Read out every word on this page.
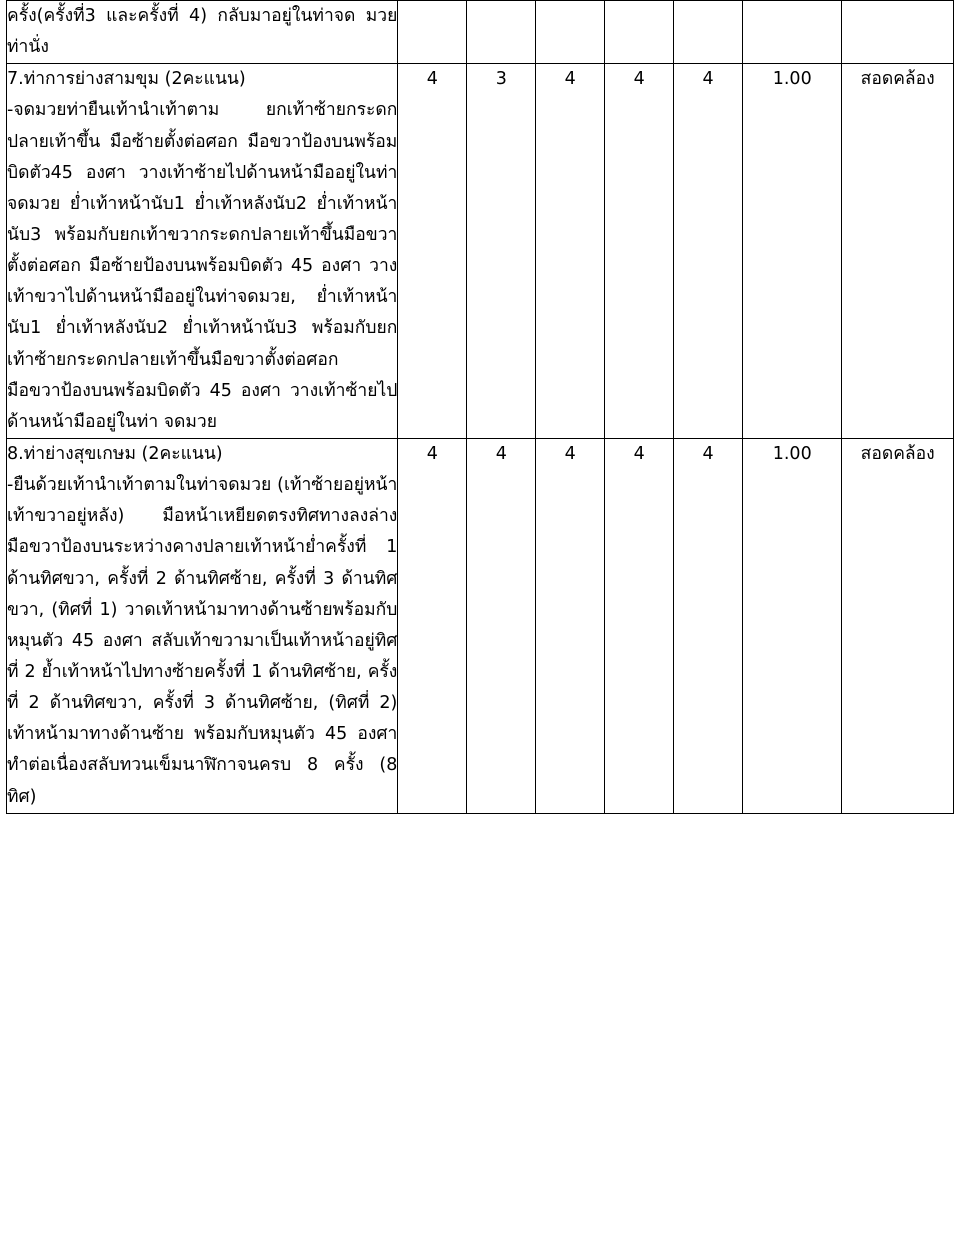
ครั้ง(ครั้งที่3 และครั้งที่ 4) กลับมาอยู่ในท่าจด มวยท่านั่ง							

7.ท่าการย่างสามขุม (2คะแนน)
-จดมวยท่ายืนเท้านำเท้าตาม ยกเท้าซ้ายกระดกปลายเท้าขึ้น มือซ้ายตั้งต่อศอก มือขวาป้องบนพร้อมบิดตัว45 องศา วางเท้าซ้ายไปด้านหน้ามืออยู่ในท่าจดมวย ย่ำเท้าหน้านับ1 ย่ำเท้าหลังนับ2 ย่ำเท้าหน้านับ3 พร้อมกับยกเท้าขวากระดกปลายเท้าขึ้นมือขวาตั้งต่อศอก มือซ้ายป้องบนพร้อมบิดตัว 45 องศา วางเท้าขวาไปด้านหน้ามืออยู่ในท่าจดมวย, ย่ำเท้าหน้านับ1 ย่ำเท้าหลังนับ2 ย่ำเท้าหน้านับ3 พร้อมกับยกเท้าซ้ายกระดกปลายเท้าขึ้นมือขวาตั้งต่อศอก มือขวาป้องบนพร้อมบิดตัว 45 องศา วางเท้าซ้ายไปด้านหน้ามืออยู่ในท่า จดมวย	4	3	4	4	4	1.00	สอดคล้อง

8.ท่าย่างสุขเกษม (2คะแนน)
-ยืนด้วยเท้านำเท้าตามในท่าจดมวย (เท้าซ้ายอยู่หน้า เท้าขวาอยู่หลัง) มือหน้าเหยียดตรงทิศทางลงล่าง มือขวาป้องบนระหว่างคางปลายเท้าหน้าย่ำครั้งที่ 1 ด้านทิศขวา, ครั้งที่ 2 ด้านทิศซ้าย, ครั้งที่ 3 ด้านทิศขวา, (ทิศที่ 1) วาดเท้าหน้ามาทางด้านซ้ายพร้อมกับหมุนตัว 45 องศา สลับเท้าขวามาเป็นเท้าหน้าอยู่ทิศที่ 2 ย้ำเท้าหน้าไปทางซ้ายครั้งที่ 1 ด้านทิศซ้าย, ครั้งที่ 2 ด้านทิศขวา, ครั้งที่ 3 ด้านทิศซ้าย, (ทิศที่ 2) เท้าหน้ามาทางด้านซ้าย พร้อมกับหมุนตัว 45 องศา ทำต่อเนื่องสลับทวนเข็มนาฬิกาจนครบ 8 ครั้ง (8 ทิศ)	4	4	4	4	4	1.00	สอดคล้อง
